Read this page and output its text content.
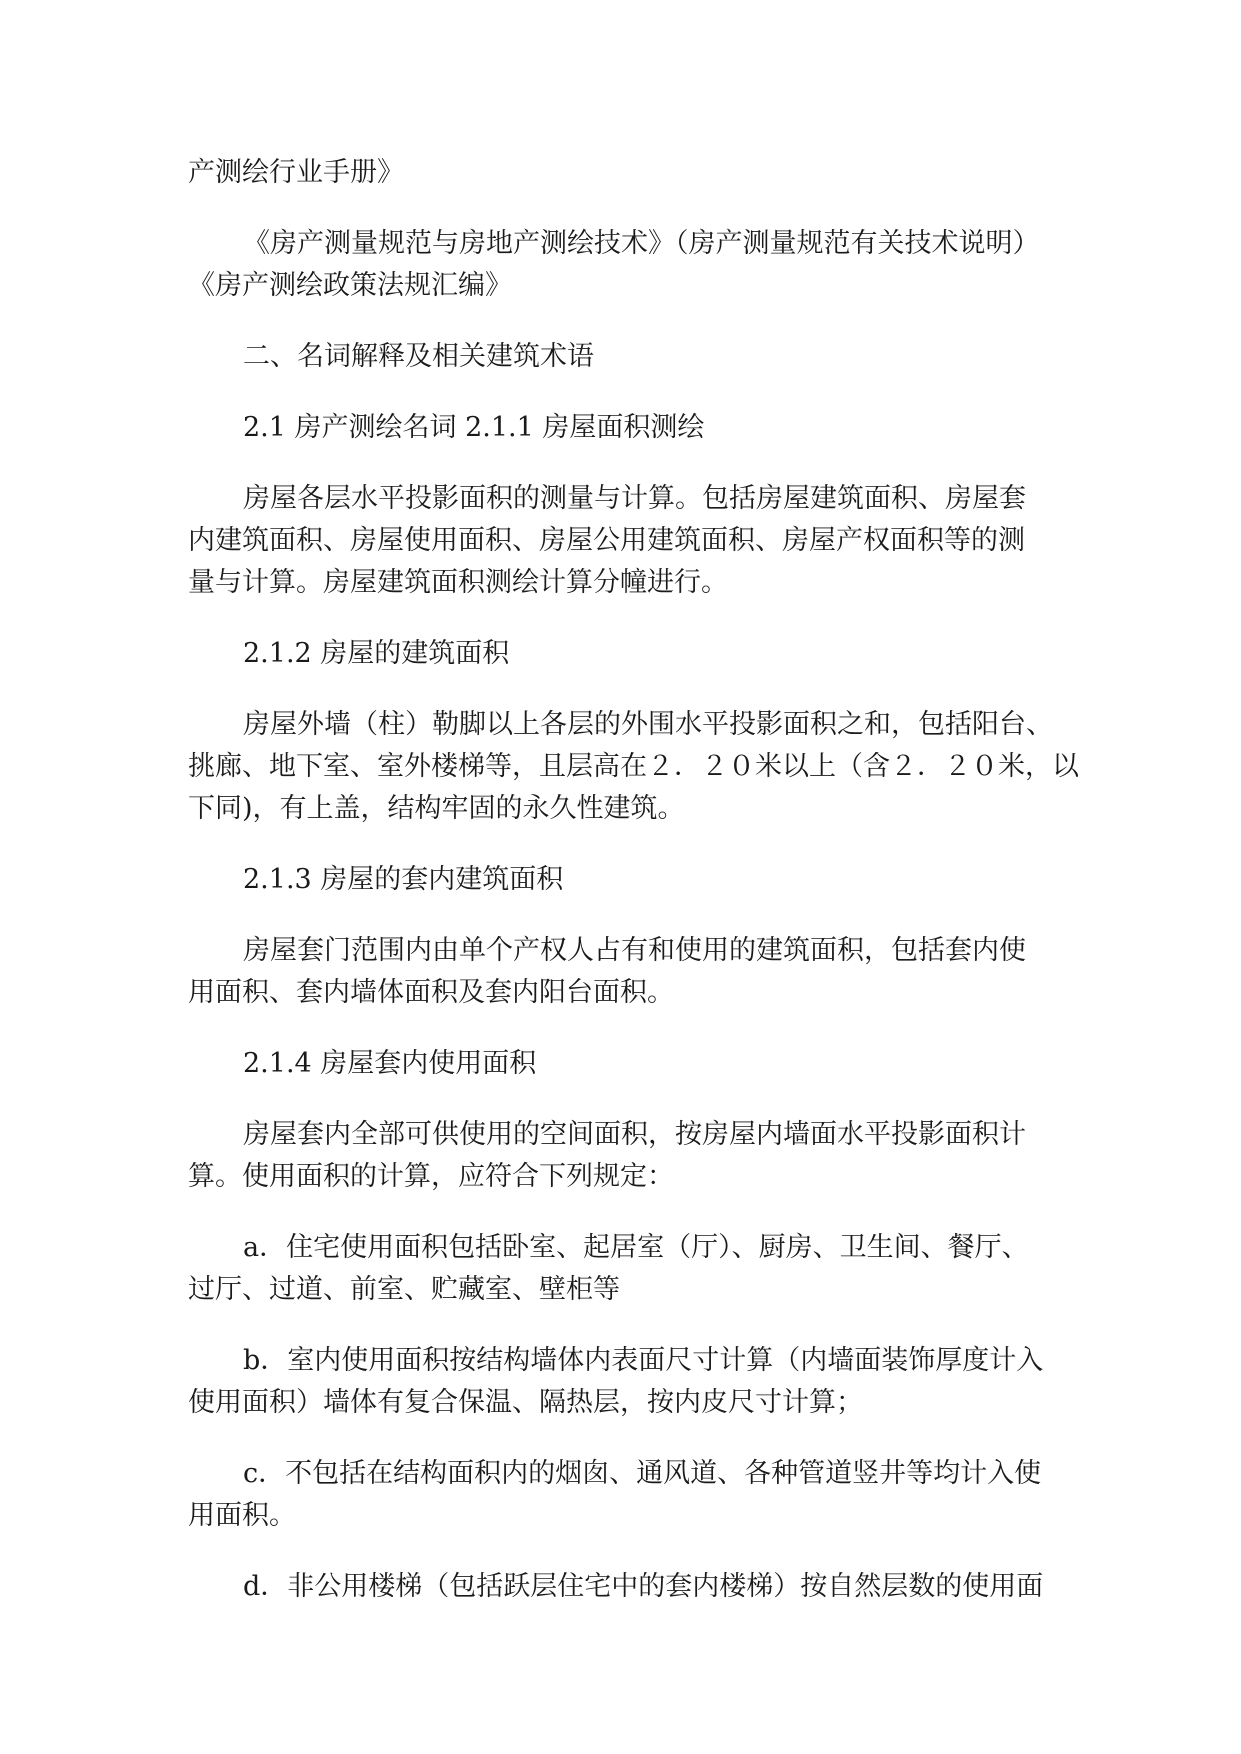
产测绘行业手册》
《房产测量规范与房地产测绘技术》（房产测量规范有关技术说明）
《房产测绘政策法规汇编》
二、名词解释及相关建筑术语
2.1 房产测绘名词 2.1.1 房屋面积测绘
房屋各层水平投影面积的测量与计算。包括房屋建筑面积、房屋套
内建筑面积、房屋使用面积、房屋公用建筑面积、房屋产权面积等的测
量与计算。房屋建筑面积测绘计算分幢进行。
2.1.2 房屋的建筑面积
房屋外墙（柱）勒脚以上各层的外围水平投影面积之和，包括阳台、
挑廊、地下室、室外楼梯等，且层高在２．２０米以上（含２．２０米，以
下同)，有上盖，结构牢固的永久性建筑。
2.1.3 房屋的套内建筑面积
房屋套门范围内由单个产权人占有和使用的建筑面积，包括套内使
用面积、套内墙体面积及套内阳台面积。
2.1.4 房屋套内使用面积
房屋套内全部可供使用的空间面积，按房屋内墙面水平投影面积计
算。使用面积的计算，应符合下列规定：
a．住宅使用面积包括卧室、起居室（厅）、厨房、卫生间、餐厅、
过厅、过道、前室、贮藏室、壁柜等
b．室内使用面积按结构墙体内表面尺寸计算（内墙面装饰厚度计入
使用面积）墙体有复合保温、隔热层，按内皮尺寸计算；
c．不包括在结构面积内的烟囱、通风道、各种管道竖井等均计入使
用面积。
d．非公用楼梯（包括跃层住宅中的套内楼梯）按自然层数的使用面
